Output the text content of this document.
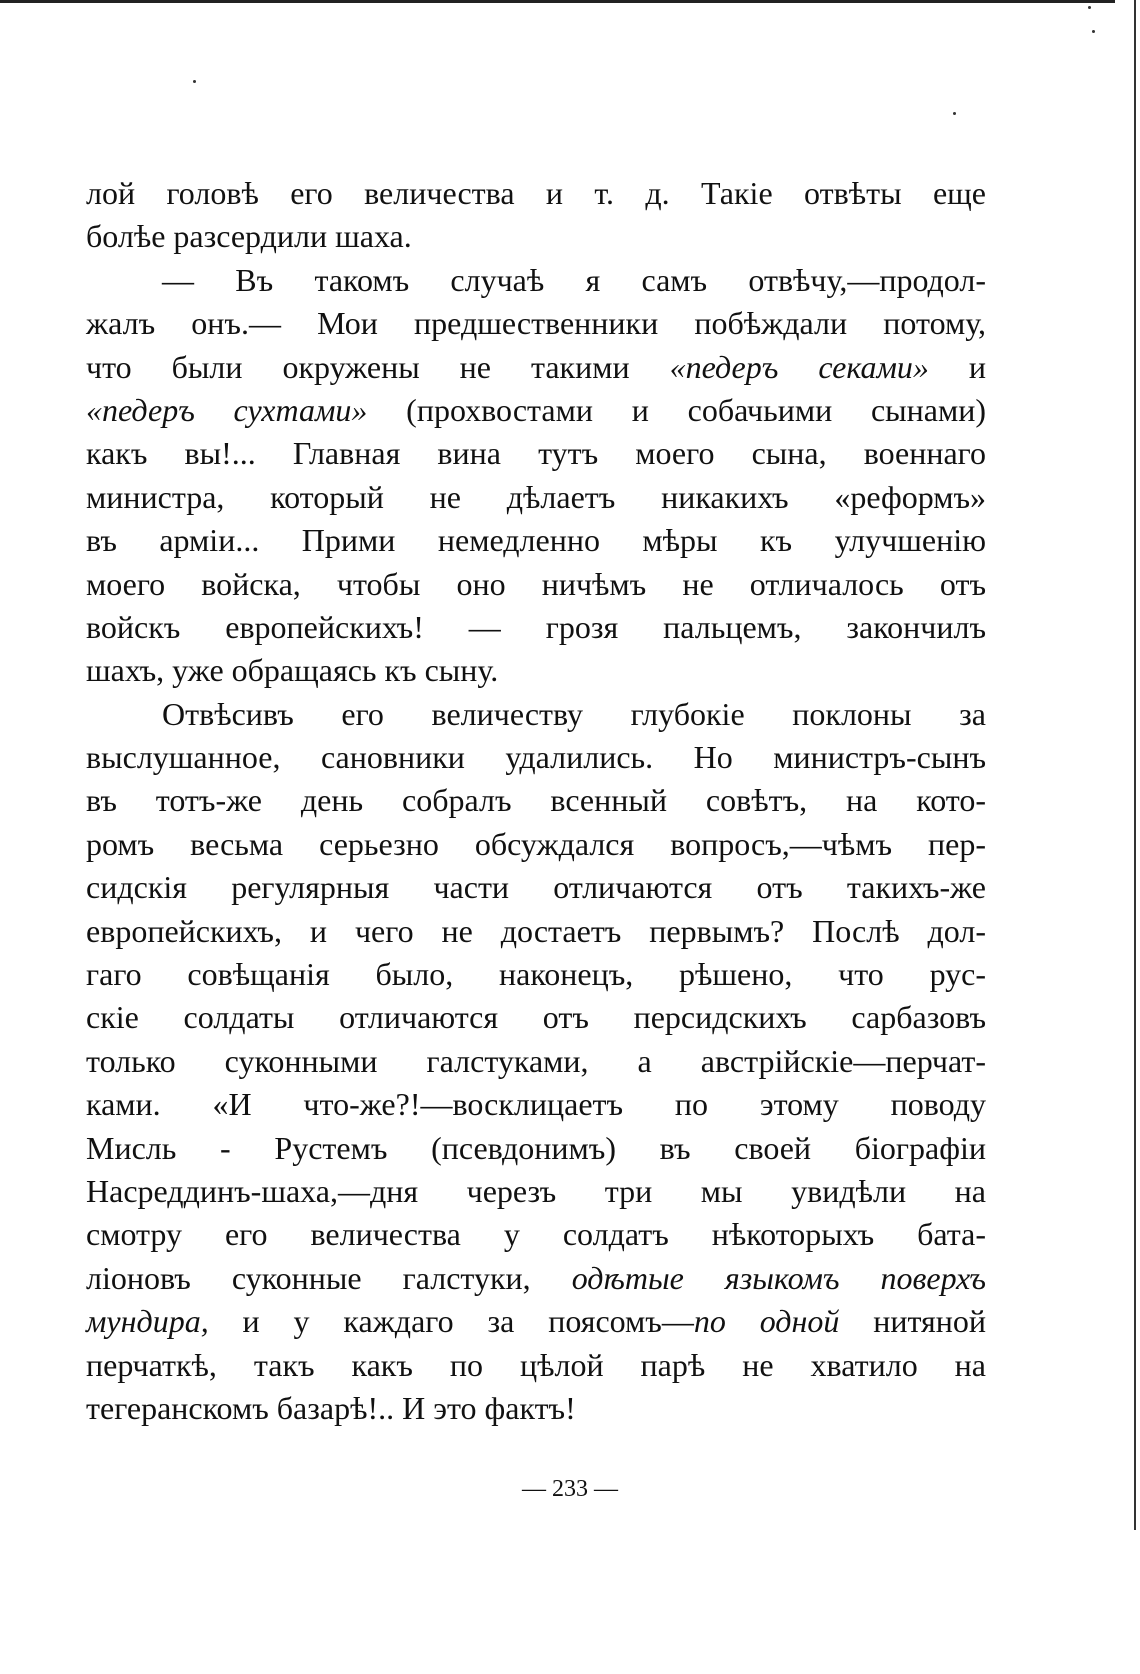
лой головѣ его величества и т. д. Такіе отвѣты еще
болѣе разсердили шаха.
— Въ такомъ случаѣ я самъ отвѣчу,—продол-
жалъ онъ.— Мои предшественники побѣждали потому,
что были окружены не такими «педеръ секами» и
«педеръ сухтами» (прохвостами и собачьими сынами)
какъ вы!... Главная вина тутъ моего сына, военнаго
министра, который не дѣлаетъ никакихъ «реформъ»
въ арміи... Прими немедленно мѣры къ улучшенію
моего войска, чтобы оно ничѣмъ не отличалось отъ
войскъ европейскихъ! — грозя пальцемъ, закончилъ
шахъ, уже обращаясь къ сыну.
Отвѣсивъ его величеству глубокіе поклоны за
выслушанное, сановники удалились. Но министръ-сынъ
въ тотъ-же день собралъ всенный совѣтъ, на кото-
ромъ весьма серьезно обсуждался вопросъ,—чѣмъ пер-
сидскія регулярныя части отличаются отъ такихъ-же
европейскихъ, и чего не достаетъ первымъ? Послѣ дол-
гаго совѣщанія было, наконецъ, рѣшено, что рус-
скіе солдаты отличаются отъ персидскихъ сарбазовъ
только суконными галстуками, а австрійскіе—перчат-
ками. «И что-же?!—восклицаетъ по этому поводу
Мисль - Рустемъ (псевдонимъ) въ своей біографіи
Насреддинъ-шаха,—дня черезъ три мы увидѣли на
смотру его величества у солдатъ нѣкоторыхъ бата-
ліоновъ суконные галстуки, одѣтые языкомъ поверхъ
мундира, и у каждаго за поясомъ—по одной нитяной
перчаткѣ, такъ какъ по цѣлой парѣ не хватило на
тегеранскомъ базарѣ!.. И это фактъ!
— 233 —
